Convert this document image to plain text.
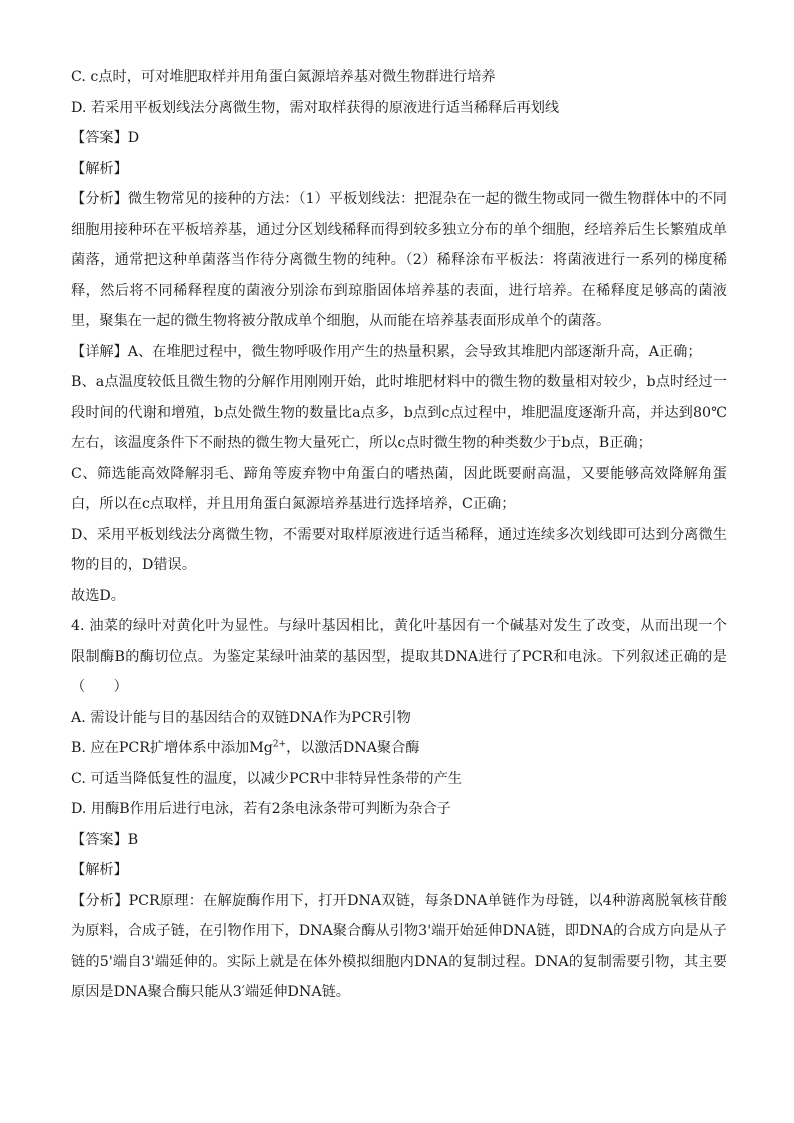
C. c点时，可对堆肥取样并用角蛋白氮源培养基对微生物群进行培养
D. 若采用平板划线法分离微生物，需对取样获得的原液进行适当稀释后再划线
【答案】D
【解析】

【分析】微生物常见的接种的方法：（1）平板划线法：把混杂在一起的微生物或同一微生物群体中的不同细胞用接种环在平板培养基，通过分区划线稀释而得到较多独立分布的单个细胞，经培养后生长繁殖成单菌落，通常把这种单菌落当作待分离微生物的纯种。（2）稀释涂布平板法：将菌液进行一系列的梯度稀释，然后将不同稀释程度的菌液分别涂布到琼脂固体培养基的表面，进行培养。在稀释度足够高的菌液里，聚集在一起的微生物将被分散成单个细胞，从而能在培养基表面形成单个的菌落。

【详解】A、在堆肥过程中，微生物呼吸作用产生的热量积累，会导致其堆肥内部逐渐升高，A正确；

B、a点温度较低且微生物的分解作用刚刚开始，此时堆肥材料中的微生物的数量相对较少，b点时经过一段时间的代谢和增殖，b点处微生物的数量比a点多，b点到c点过程中，堆肥温度逐渐升高，并达到80℃左右，该温度条件下不耐热的微生物大量死亡，所以c点时微生物的种类数少于b点，B正确；

C、筛选能高效降解羽毛、蹄角等废弃物中角蛋白的嗜热菌，因此既要耐高温，又要能够高效降解角蛋白，所以在c点取样，并且用角蛋白氮源培养基进行选择培养，C正确；

D、采用平板划线法分离微生物，不需要对取样原液进行适当稀释，通过连续多次划线即可达到分离微生物的目的，D错误。

故选D。

4. 油菜的绿叶对黄化叶为显性。与绿叶基因相比，黄化叶基因有一个碱基对发生了改变，从而出现一个限制酶B的酶切位点。为鉴定某绿叶油菜的基因型，提取其DNA进行了PCR和电泳。下列叙述正确的是（　　）

A. 需设计能与目的基因结合的双链DNA作为PCR引物
B. 应在PCR扩增体系中添加$Mg^{2+}$，以激活DNA聚合酶
C. 可适当降低复性的温度，以减少PCR中非特异性条带的产生
D. 用酶B作用后进行电泳，若有2条电泳条带可判断为杂合子
【答案】B
【解析】

【分析】PCR原理：在解旋酶作用下，打开DNA双链，每条DNA单链作为母链，以4种游离脱氧核苷酸为原料，合成子链，在引物作用下，DNA聚合酶从引物3'端开始延伸DNA链，即DNA的合成方向是从子链的5'端自3'端延伸的。实际上就是在体外模拟细胞内DNA的复制过程。DNA的复制需要引物，其主要原因是DNA聚合酶只能从3′端延伸DNA链。
